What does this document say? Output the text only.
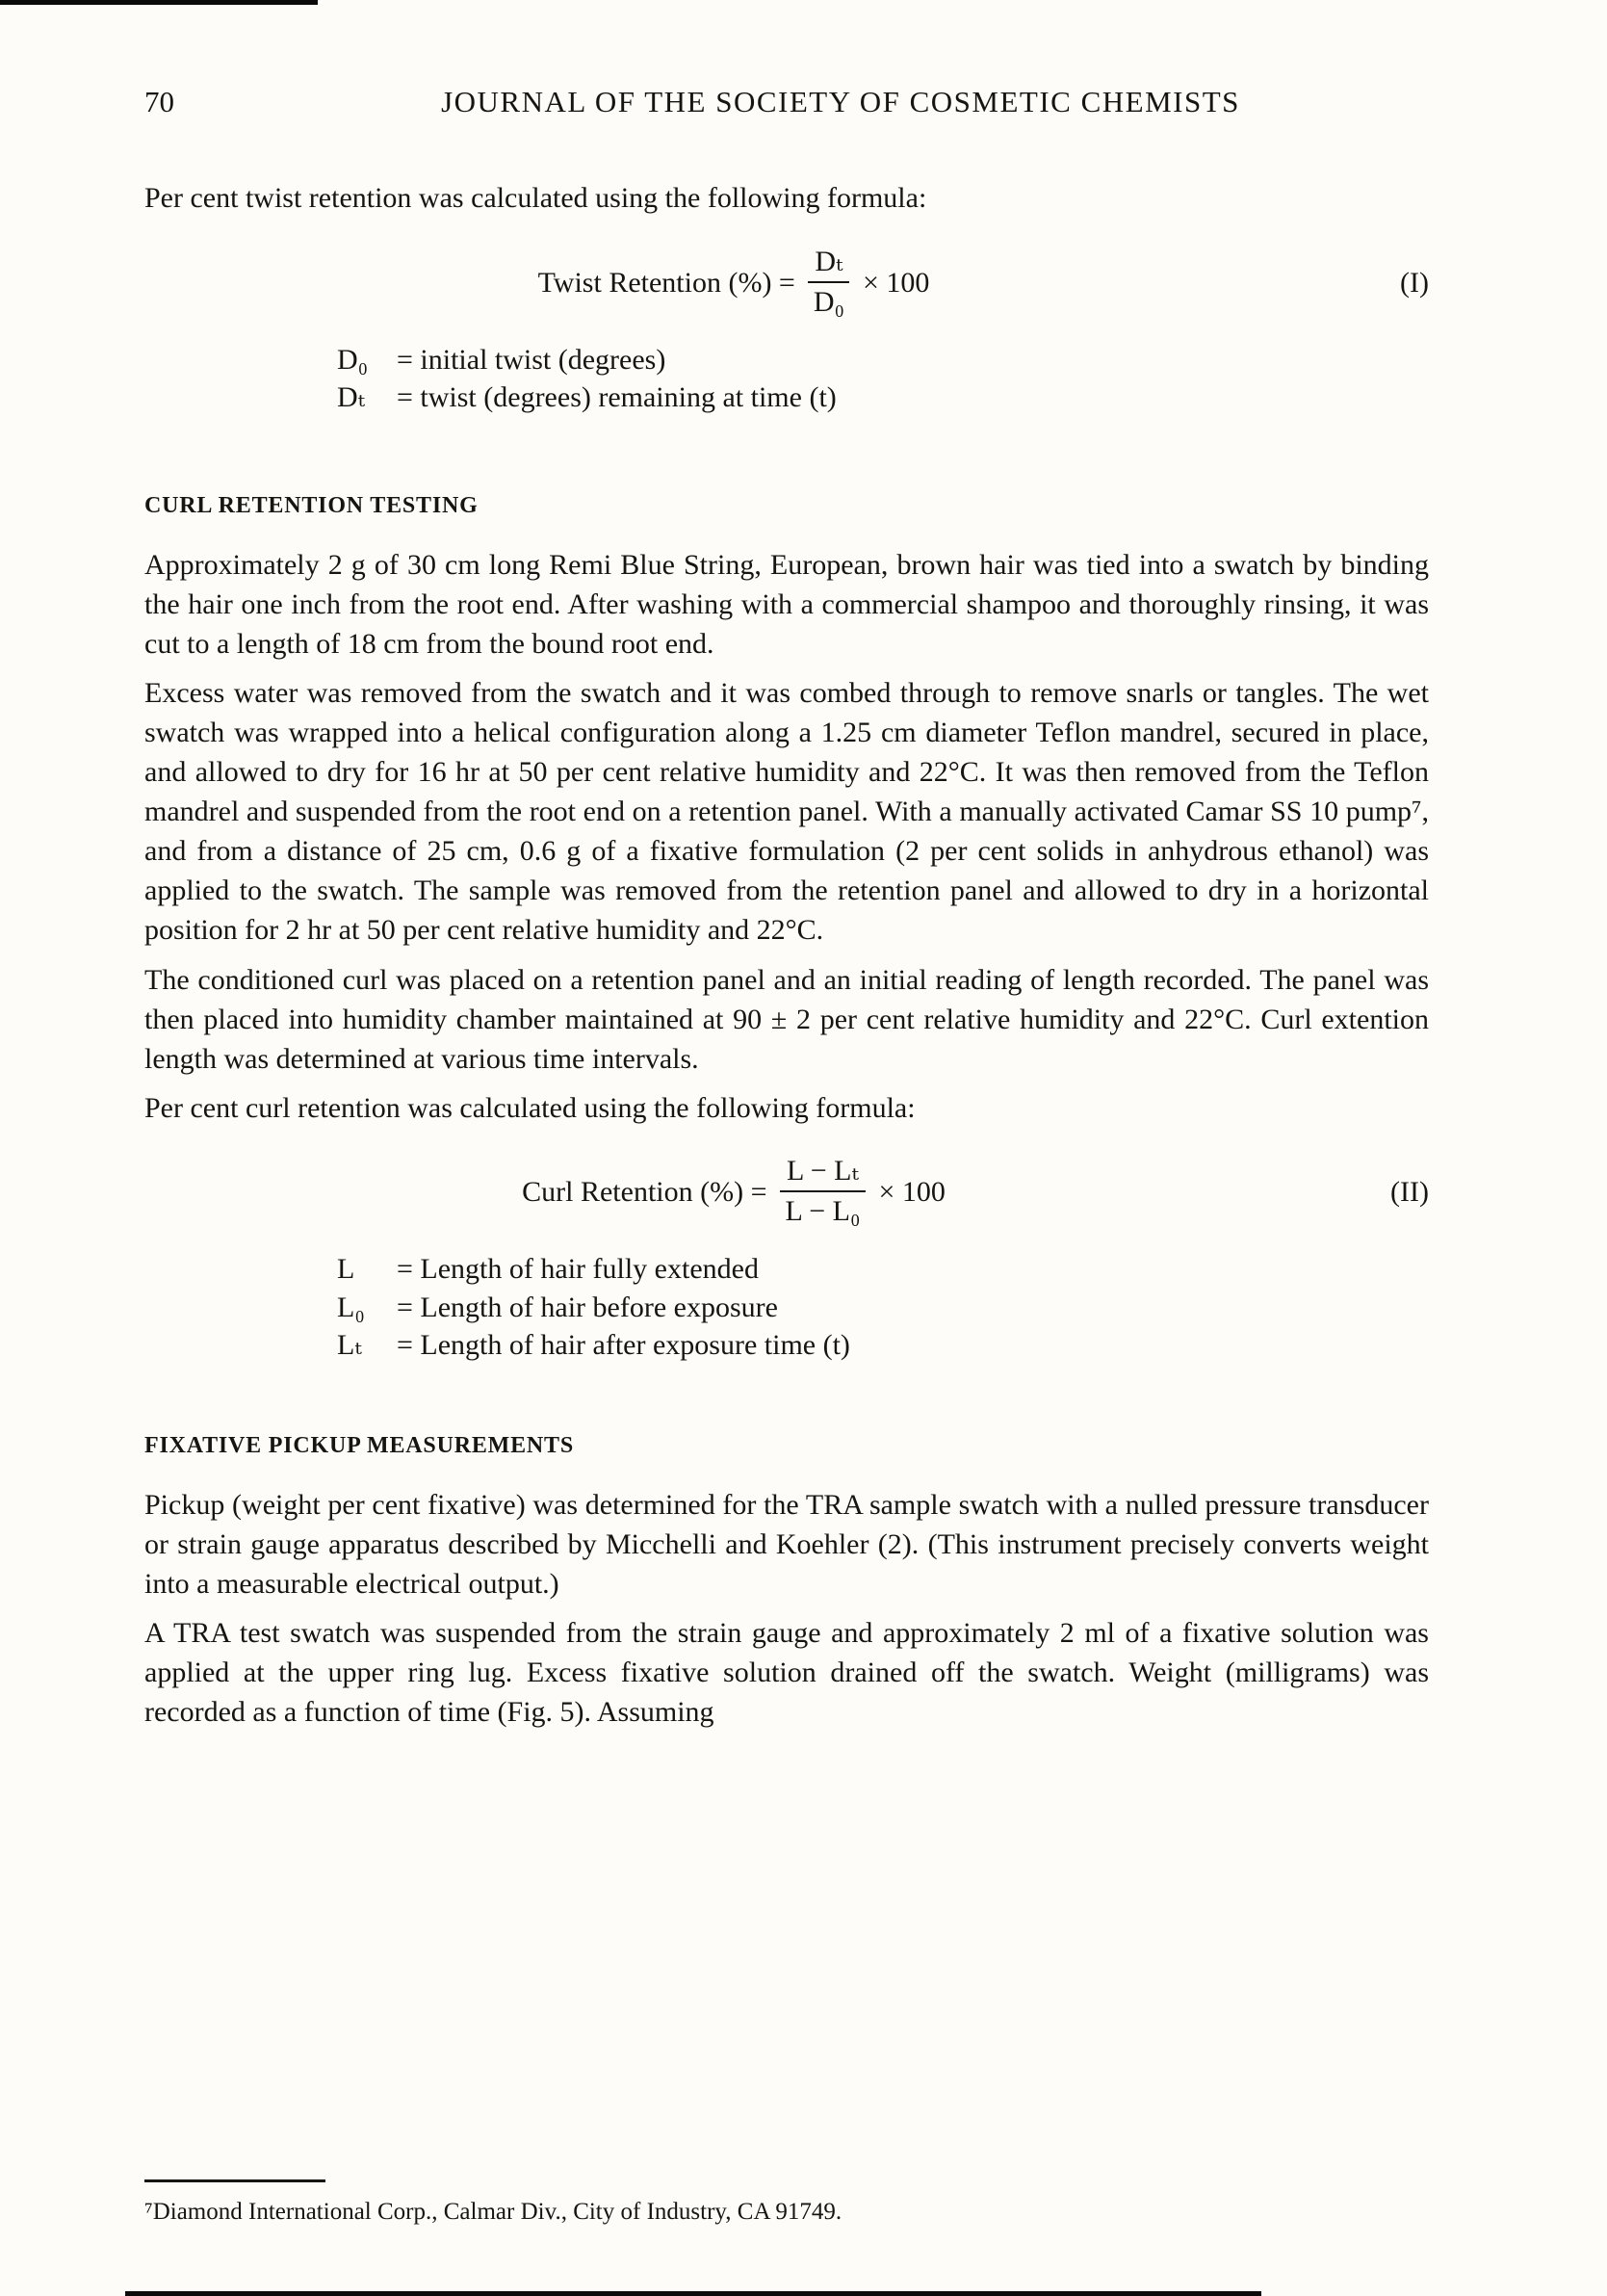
70	JOURNAL OF THE SOCIETY OF COSMETIC CHEMISTS

Per cent twist retention was calculated using the following formula:

Twist Retention (%) = $\frac{\text{Dₜ}}{\text{D₀}} \times 100$	(I)
D₀ = initial twist (degrees)
Dₜ	= twist (degrees) remaining at time (t)
CURL RETENTION TESTING

Approximately 2 g of 30 cm long Remi Blue String, European, brown hair was tied into a swatch by binding the hair one inch from the root end. After washing with a commercial shampoo and thoroughly rinsing, it was cut to a length of 18 cm from the bound root end.

Excess water was removed from the swatch and it was combed through to remove snarls or tangles. The wet swatch was wrapped into a helical configuration along a 1.25 cm diameter Teflon mandrel, secured in place, and allowed to dry for 16 hr at 50 per cent relative humidity and 22°C. It was then removed from the Teflon mandrel and suspended from the root end on a retention panel. With a manually activated Camar SS 10 pump⁷, and from a distance of 25 cm, 0.6 g of a fixative formulation (2 per cent solids in anhydrous ethanol) was applied to the swatch. The sample was removed from the retention panel and allowed to dry in a horizontal position for 2 hr at 50 per cent relative humidity and 22°C.

The conditioned curl was placed on a retention panel and an initial reading of length recorded. The panel was then placed into humidity chamber maintained at 90 ± 2 per cent relative humidity and 22°C. Curl extention length was determined at various time intervals.

Per cent curl retention was calculated using the following formula:

Curl Retention (%) = $\frac{\text{L − Lₜ}}{\text{L − L₀}} \times 100$	(II)
L	= Length of hair fully extended
L₀	= Length of hair before exposure
Lₜ	= Length of hair after exposure time (t)
FIXATIVE PICKUP MEASUREMENTS

Pickup (weight per cent fixative) was determined for the TRA sample swatch with a nulled pressure transducer or strain gauge apparatus described by Micchelli and Koehler (2). (This instrument precisely converts weight into a measurable electrical output.)

A TRA test swatch was suspended from the strain gauge and approximately 2 ml of a fixative solution was applied at the upper ring lug. Excess fixative solution drained off the swatch. Weight (milligrams) was recorded as a function of time (Fig. 5). Assuming

⁷Diamond International Corp., Calmar Div., City of Industry, CA 91749.
